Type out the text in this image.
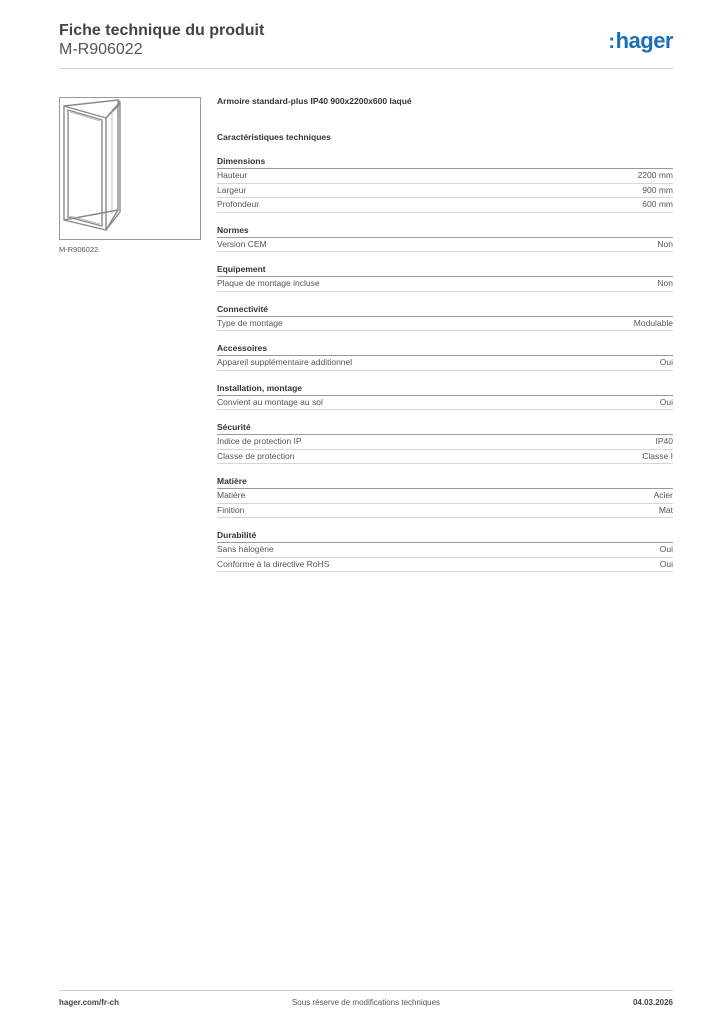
Fiche technique du produit
M-R906022	:hager
M-R906022
Armoire standard-plus IP40 900x2200x600 laqué
Caractéristiques techniques
Dimensions
Hauteur	2200 mm
Largeur	900 mm
Profondeur	600 mm
Normes
Version CEM	Non
Equipement
Plaque de montage incluse	Non
Connectivité
Type de montage	Modulable
Accessoires
Appareil supplémentaire additionnel	Oui
Installation, montage
Convient au montage au sol	Oui
Sécurité
Indice de protection IP	IP40
Classe de protection	Classe I
Matière
Matière	Acier
Finition	Mat
Durabilité
Sans halogène	Oui
Conforme à la directive RoHS	Oui
hager.com/fr-ch	Sous réserve de modifications techniques	04.03.2026
